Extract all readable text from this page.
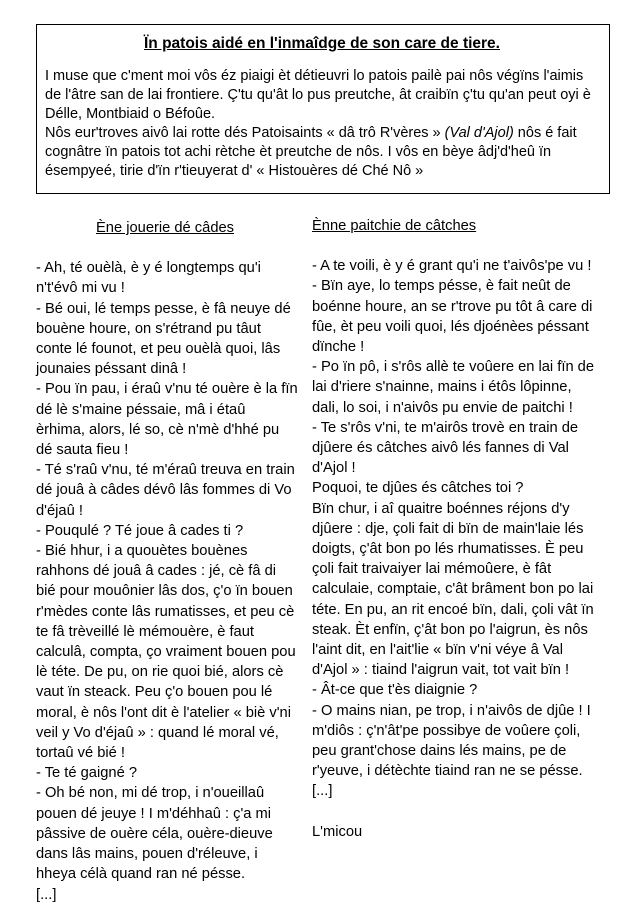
Ïn patois aidé en l'inmaîdge de son care de tiere.

I muse que c'ment moi vôs éz piaigi èt détieuvri lo patois pailè pai nôs végïns l'aimis de l'âtre san de lai frontiere. Ç'tu qu'ât lo pus preutche, ât craibïn ç'tu qu'an peut oyi è Délle, Montbiaid o Béfoûe.
Nôs eur'troves aivô lai rotte dés Patoisaints « dâ trô R'vères » (Val d'Ajol) nôs é fait cognâtre ïn patois tot achi rètche èt preutche de nôs. I vôs en bèye âdj'd'heû ïn ésempyeé, tirie d'ïn r'tieuyerat d' « Histouères dé Ché Nô »

Ène jouerie dé câdes

- Ah, té ouèlà, è y é longtemps qu'i n't'évô mi vu !

- Bé oui, lé temps pesse, è fâ neuye dé bouène houre, on s'rétrand pu tâut conte lé founot, et peu ouèlà quoi, lâs jounaies péssant dinâ !

- Pou ïn pau, i éraû v'nu té ouère è la fïn dé lè s'maine péssaie, mâ i étaû èrhima, alors, lé so, cè n'mè d'hhé pu dé sauta fieu !

- Té s'raû v'nu, té m'éraû treuva en train dé jouâ à câdes dévô lâs fommes di Vo d'éjaû !

- Pouqulé ? Té joue â cades ti ?

- Bié hhur, i a quouètes bouènes rahhons dé jouâ â cades : jé, cè fâ di bié pour mouônier lâs dos, ç'o ïn bouen r'mèdes conte lâs rumatisses, et peu cè te fâ trèveillé lè mémouère, è faut calculâ, compta, ço vraiment bouen pou lè téte. De pu, on rie quoi bié, alors cè vaut ïn steack. Peu ç'o bouen pou lé moral, è nôs l'ont dit è l'atelier « biè v'ni veil y Vo d'éjaû » : quand lé moral vé, tortaû vé bié !

- Te té gaigné ?

- Oh bé non, mi dé trop, i n'oueillaû pouen dé jeuye ! I m'déhhaû : ç'a mi pâssive de ouère céla, ouère-dieuve dans lâs mains, pouen d'réleuve, i hheya célà quand ran né pésse.

[...]

Ènne paitchie de câtches

- A te voili, è y é grant qu'i ne t'aivôs'pe vu !

- Bïn aye, lo temps pésse, è fait neût de boénne houre, an se r'trove pu tôt â care di fûe, èt peu voili quoi, lés djoénèes péssant dïnche !

- Po ïn pô, i s'rôs allè te voûere en lai fïn de lai d'riere s'nainne, mains i étôs lôpinne, dali, lo soi, i n'aivôs pu envie de paitchi !

- Te s'rôs v'ni, te m'airôs trovè en train de djûere és câtches aivô lés fannes di Val d'Ajol !

Poquoi, te djûes és câtches toi ?

Bïn chur, i aî quaitre boénnes réjons d'y djûere : dje, çoli fait di bïn de main'laie lés doigts, ç'ât bon po lés rhumatisses. È peu çoli fait traivaiyer lai mémoûere, è fât calculaie, comptaie, c'ât brâment bon po lai téte. En pu, an rit encoé bïn, dali, çoli vât ïn steak. Èt enfïn, ç'ât bon po l'aigrun, ès nôs l'aint dit, en l'ait'lie « bïn v'ni véye â Val d'Ajol » : tiaind l'aigrun vait, tot vait bïn !

- Ât-ce que t'ès diaignie ?

- O mains nian, pe trop, i n'aivôs de djûe ! I m'diôs : ç'n'ât'pe possibye de voûere çoli, peu grant'chose dains lés mains, pe de r'yeuve, i détèchte tiaind ran ne se pésse.

[...]

L'micou
